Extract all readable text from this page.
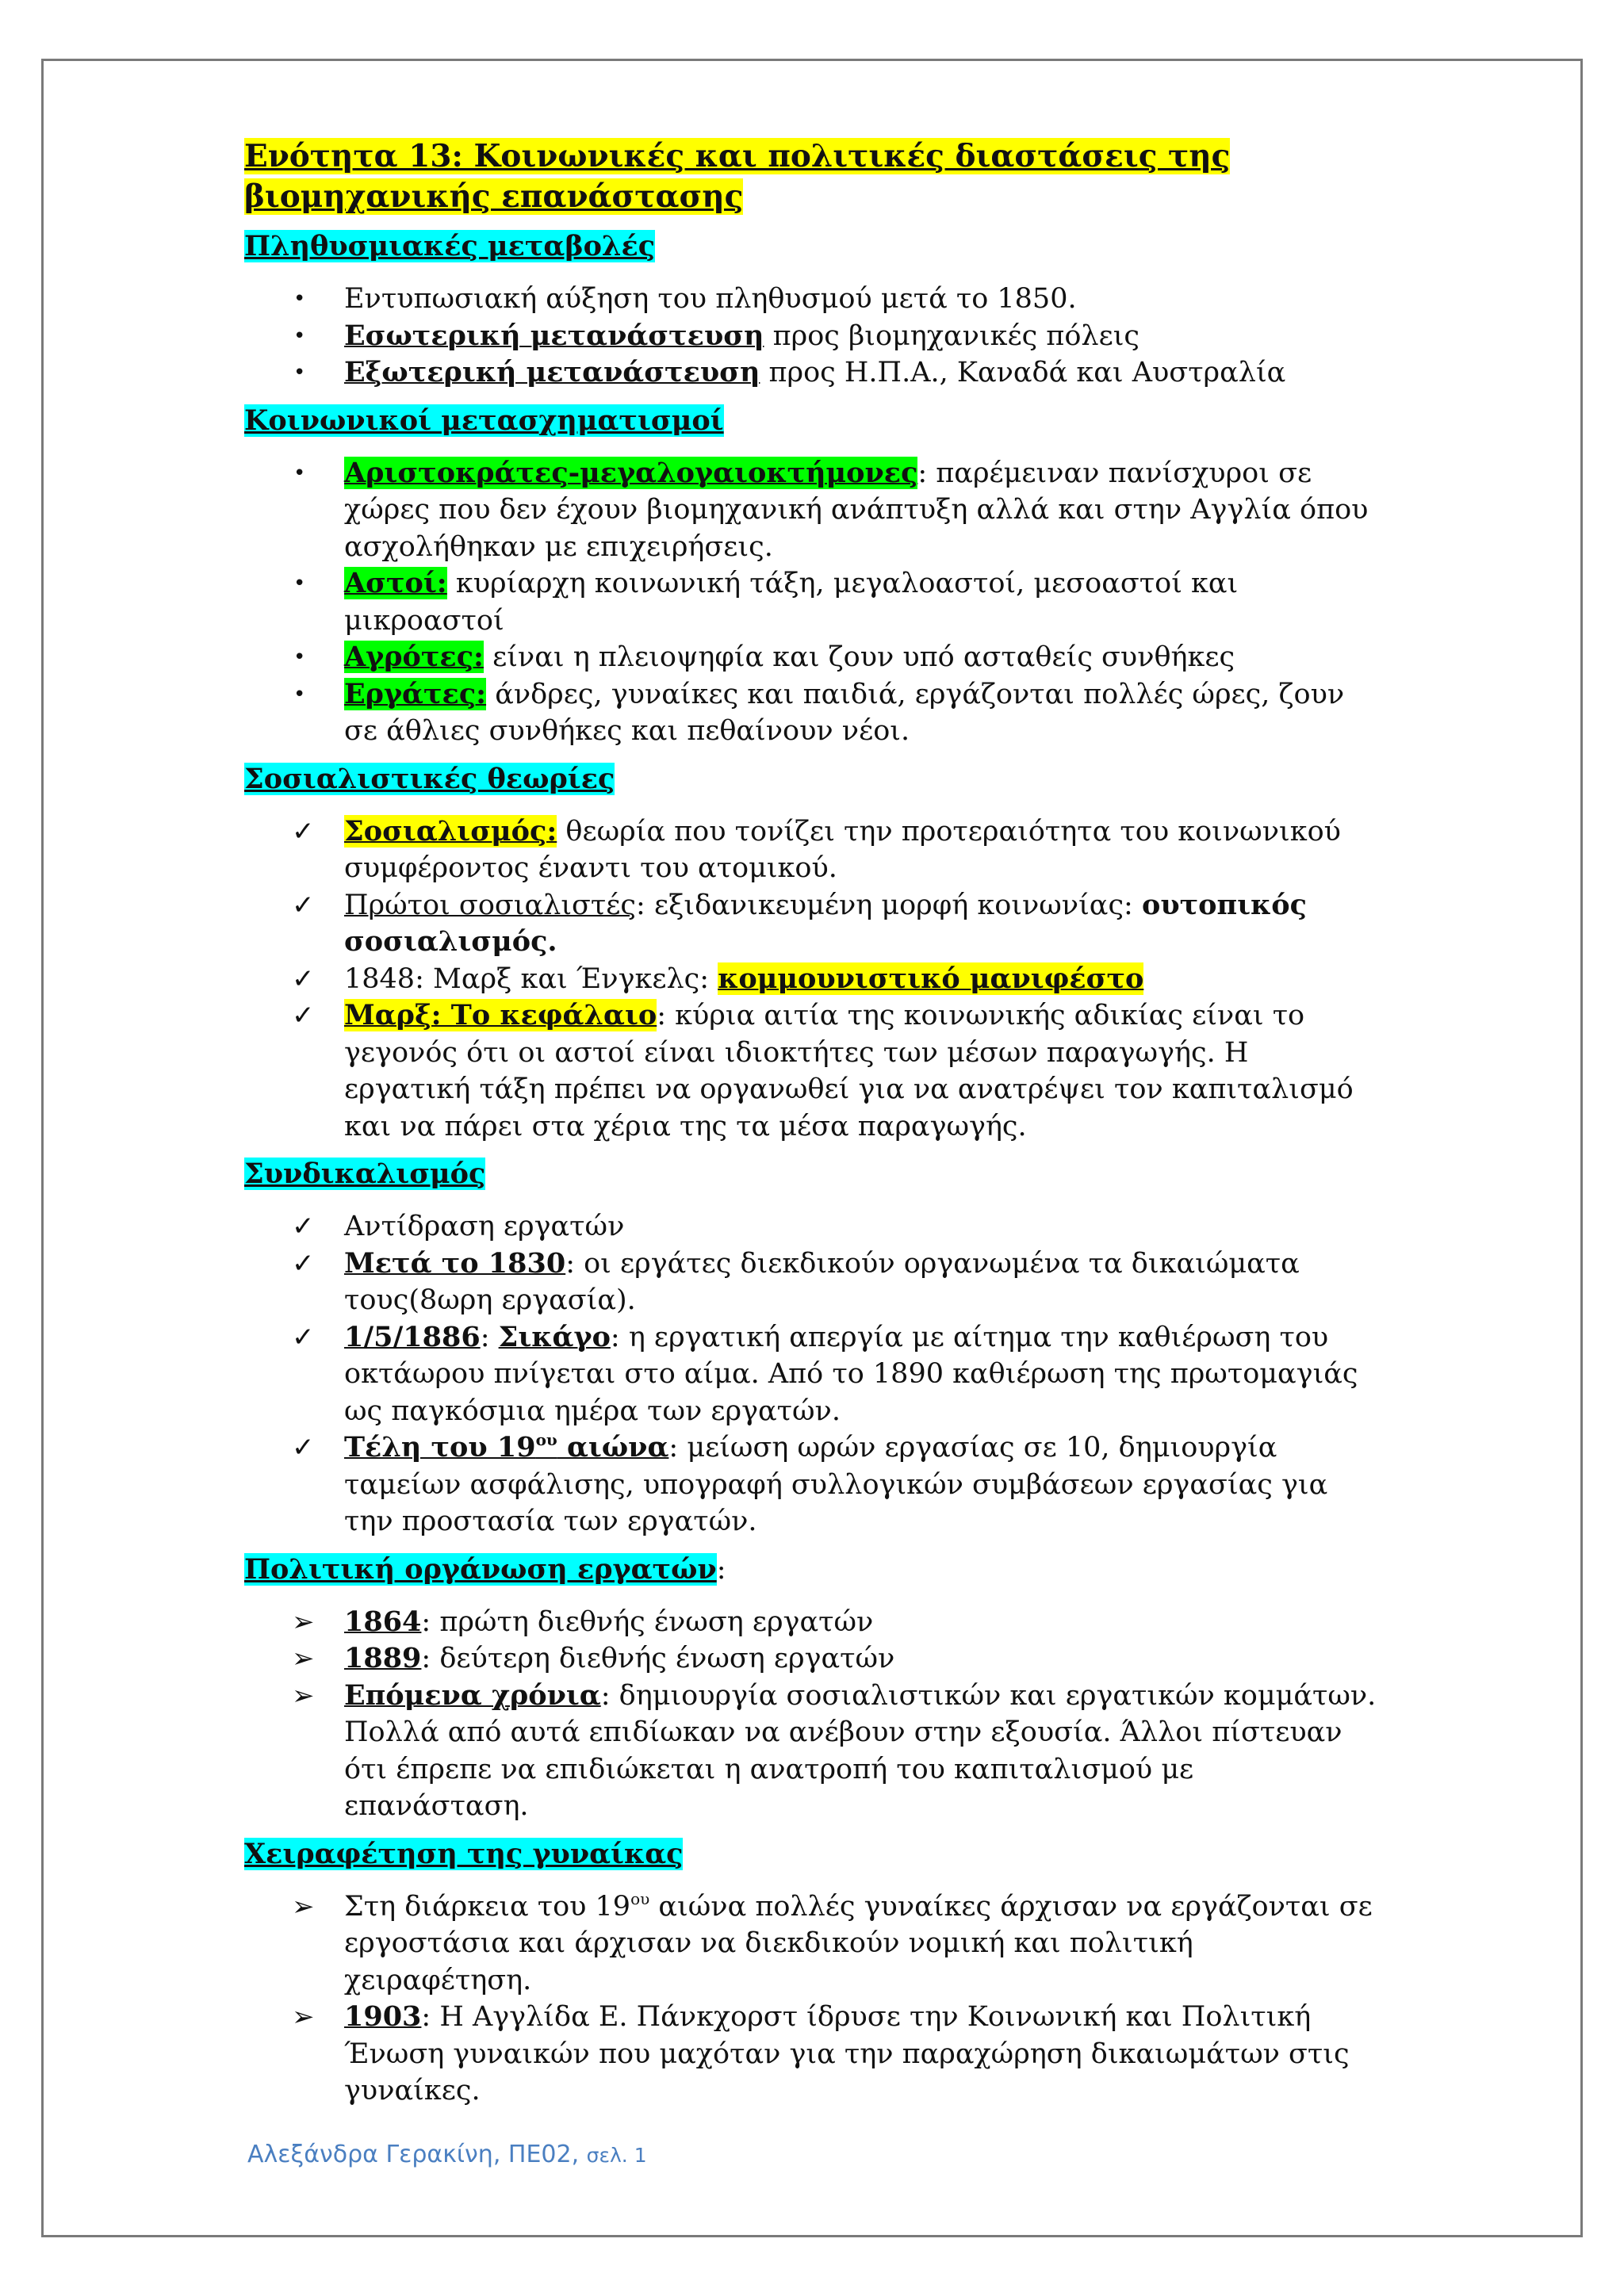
Ενότητα 13: Κοινωνικές και πολιτικές διαστάσεις της βιομηχανικής επανάστασης
Πληθυσμιακές μεταβολές
•	Εντυπωσιακή αύξηση του πληθυσμού μετά το 1850.
•	Εσωτερική μετανάστευση προς βιομηχανικές πόλεις
•	Εξωτερική μετανάστευση προς Η.Π.Α., Καναδά και Αυστραλία
Κοινωνικοί μετασχηματισμοί
•	Αριστοκράτες-μεγαλογαιοκτήμονες: παρέμειναν πανίσχυροι σε χώρες που δεν έχουν βιομηχανική ανάπτυξη αλλά και στην Αγγλία όπου ασχολήθηκαν με επιχειρήσεις.
•	Αστοί: κυρίαρχη κοινωνική τάξη, μεγαλοαστοί, μεσοαστοί και μικροαστοί
•	Αγρότες: είναι η πλειοψηφία και ζουν υπό ασταθείς συνθήκες
•	Εργάτες: άνδρες, γυναίκες και παιδιά, εργάζονται πολλές ώρες, ζουν σε άθλιες συνθήκες και πεθαίνουν νέοι.
Σοσιαλιστικές θεωρίες
✓	Σοσιαλισμός: θεωρία που τονίζει την προτεραιότητα του κοινωνικού συμφέροντος έναντι του ατομικού.
✓	Πρώτοι σοσιαλιστές: εξιδανικευμένη μορφή κοινωνίας: ουτοπικός σοσιαλισμός.
✓	1848: Μαρξ και Ένγκελς: κομμουνιστικό μανιφέστο
✓	Μαρξ: Το κεφάλαιο: κύρια αιτία της κοινωνικής αδικίας είναι το γεγονός ότι οι αστοί είναι ιδιοκτήτες των μέσων παραγωγής. Η εργατική τάξη πρέπει να οργανωθεί για να ανατρέψει τον καπιταλισμό και να πάρει στα χέρια της τα μέσα παραγωγής.
Συνδικαλισμός
✓	Αντίδραση εργατών
✓	Μετά το 1830: οι εργάτες διεκδικούν οργανωμένα τα δικαιώματα τους(8ωρη εργασία).
✓	1/5/1886: Σικάγο: η εργατική απεργία με αίτημα την καθιέρωση του οκτάωρου πνίγεται στο αίμα. Από το 1890 καθιέρωση της πρωτομαγιάς ως παγκόσμια ημέρα των εργατών.
✓	Τέλη του $19^{o\upsilon}$ αιώνα: μείωση ωρών εργασίας σε 10, δημιουργία ταμείων ασφάλισης, υπογραφή συλλογικών συμβάσεων εργασίας για την προστασία των εργατών.
Πολιτική οργάνωση εργατών:
➢	1864: πρώτη διεθνής ένωση εργατών
➢	1889: δεύτερη διεθνής ένωση εργατών
➢	Επόμενα χρόνια: δημιουργία σοσιαλιστικών και εργατικών κομμάτων. Πολλά από αυτά επιδίωκαν να ανέβουν στην εξουσία. Άλλοι πίστευαν ότι έπρεπε να επιδιώκεται η ανατροπή του καπιταλισμού με επανάσταση.
Χειραφέτηση της γυναίκας
➢	Στη διάρκεια του $19^{o\upsilon}$ αιώνα πολλές γυναίκες άρχισαν να εργάζονται σε εργοστάσια και άρχισαν να διεκδικούν νομική και πολιτική χειραφέτηση.
➢	1903: Η Αγγλίδα Ε. Πάνκχορστ ίδρυσε την Κοινωνική και Πολιτική Ένωση γυναικών που μαχόταν για την παραχώρηση δικαιωμάτων στις γυναίκες.
Αλεξάνδρα Γερακίνη, ΠΕ02, σελ. 1
